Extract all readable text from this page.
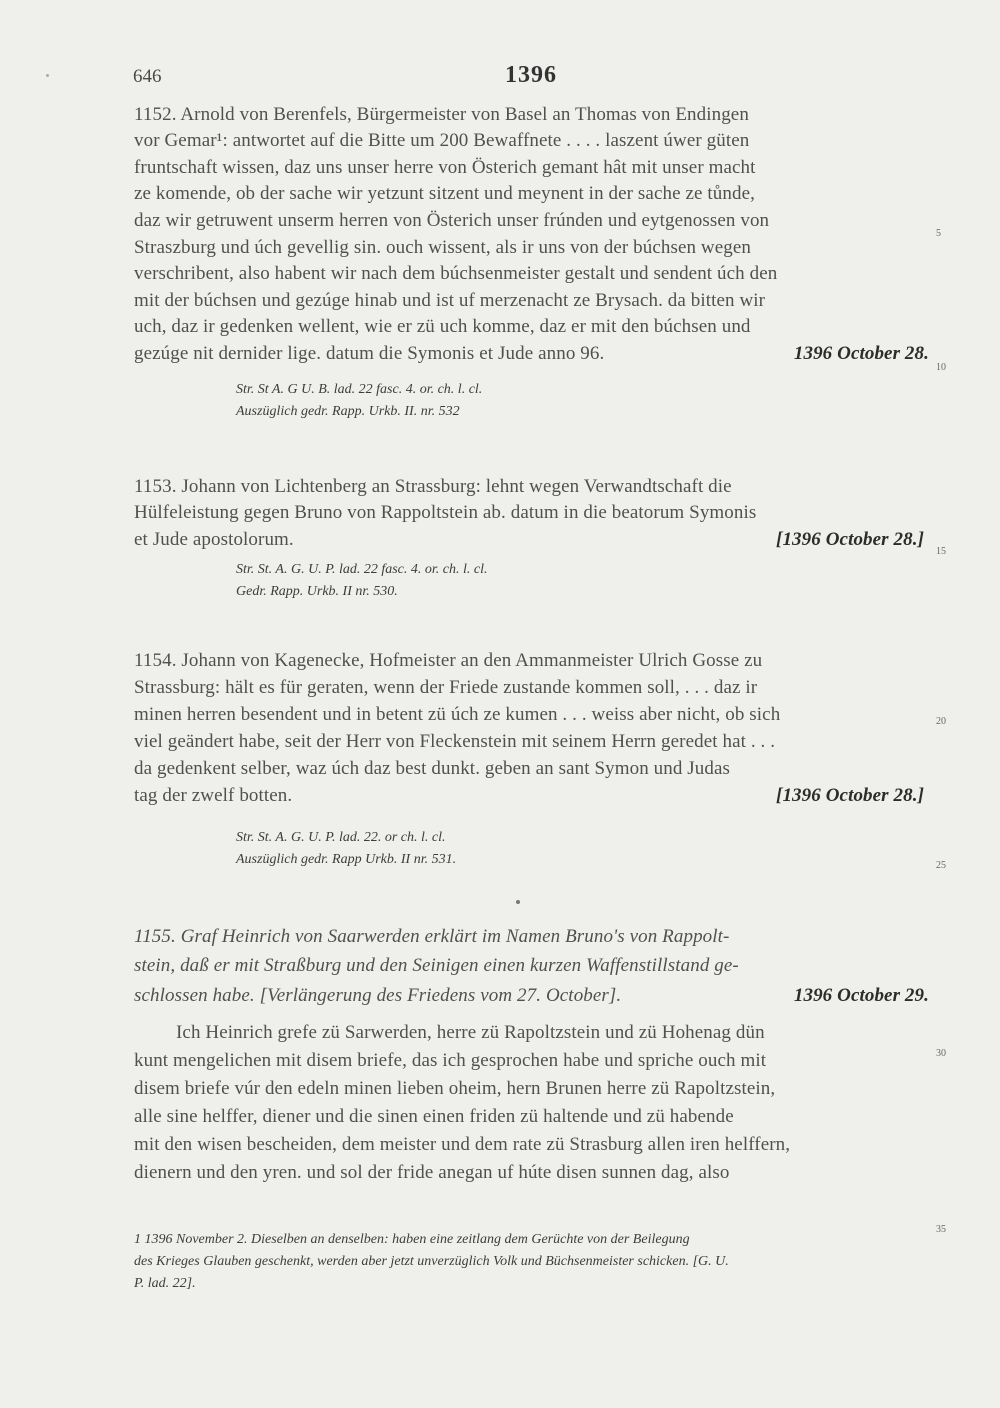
646	1396
1152. Arnold von Berenfels, Bürgermeister von Basel an Thomas von Endingen
vor Gemar¹: antwortet auf die Bitte um 200 Bewaffnete . . . . laszent úwer güten
fruntschaft wissen, daz uns unser herre von Österich gemant hât mit unser macht
ze komende, ob der sache wir yetzunt sitzent und meynent in der sache ze tůnde,
daz wir getruwent unserm herren von Österich unser frúnden und eytgenossen von
Straszburg und úch gevellig sin. ouch wissent, als ir uns von der búchsen wegen
verschribent, also habent wir nach dem búchsenmeister gestalt und sendent úch den
mit der búchsen und gezúge hinab und ist uf merzenacht ze Brysach. da bitten wir
uch, daz ir gedenken wellent, wie er zü uch komme, daz er mit den búchsen und
gezúge nit dernider lige. datum die Symonis et Jude anno 96.	1396 October 28.
Str. St A. G U. B. lad. 22 fasc. 4. or. ch. l. cl.
Auszüglich gedr. Rapp. Urkb. II. nr. 532
1153. Johann von Lichtenberg an Strassburg: lehnt wegen Verwandtschaft die
Hülfeleistung gegen Bruno von Rappoltstein ab. datum in die beatorum Symonis
et Jude apostolorum.	[1396 October 28.]
Str. St. A. G. U. P. lad. 22 fasc. 4. or. ch. l. cl.
Gedr. Rapp. Urkb. II nr. 530.
1154. Johann von Kagenecke, Hofmeister an den Ammanmeister Ulrich Gosse zu
Strassburg: hält es für geraten, wenn der Friede zustande kommen soll, . . . daz ir
minen herren besendent und in betent zü úch ze kumen . . . weiss aber nicht, ob sich
viel geändert habe, seit der Herr von Fleckenstein mit seinem Herrn geredet hat . . .
da gedenkent selber, waz úch daz best dunkt. geben an sant Symon und Judas
tag der zwelf botten.	[1396 October 28.]
Str. St. A. G. U. P. lad. 22. or ch. l. cl.
Auszüglich gedr. Rapp Urkb. II nr. 531.
1155. Graf Heinrich von Saarwerden erklärt im Namen Bruno's von Rappolt-
stein, daß er mit Straßburg und den Seinigen einen kurzen Waffenstillstand ge-
schlossen habe. [Verlängerung des Friedens vom 27. October].	1396 October 29.
Ich Heinrich grefe zü Sarwerden, herre zü Rapoltzstein und zü Hohenag dün
kunt mengelichen mit disem briefe, das ich gesprochen habe und spriche ouch mit
disem briefe vúr den edeln minen lieben oheim, hern Brunen herre zü Rapoltzstein,
alle sine helffer, diener und die sinen einen friden zü haltende und zü habende
mit den wisen bescheiden, dem meister und dem rate zü Strasburg allen iren helffern,
dienern und den yren. und sol der fride anegan uf húte disen sunnen dag, also
1 1396 November 2. Dieselben an denselben: haben eine zeitlang dem Gerüchte von der Beilegung
des Krieges Glauben geschenkt, werden aber jetzt unverzüglich Volk und Büchsenmeister schicken. [G. U.
P. lad. 22].
5
10
15
20
25
30
35
